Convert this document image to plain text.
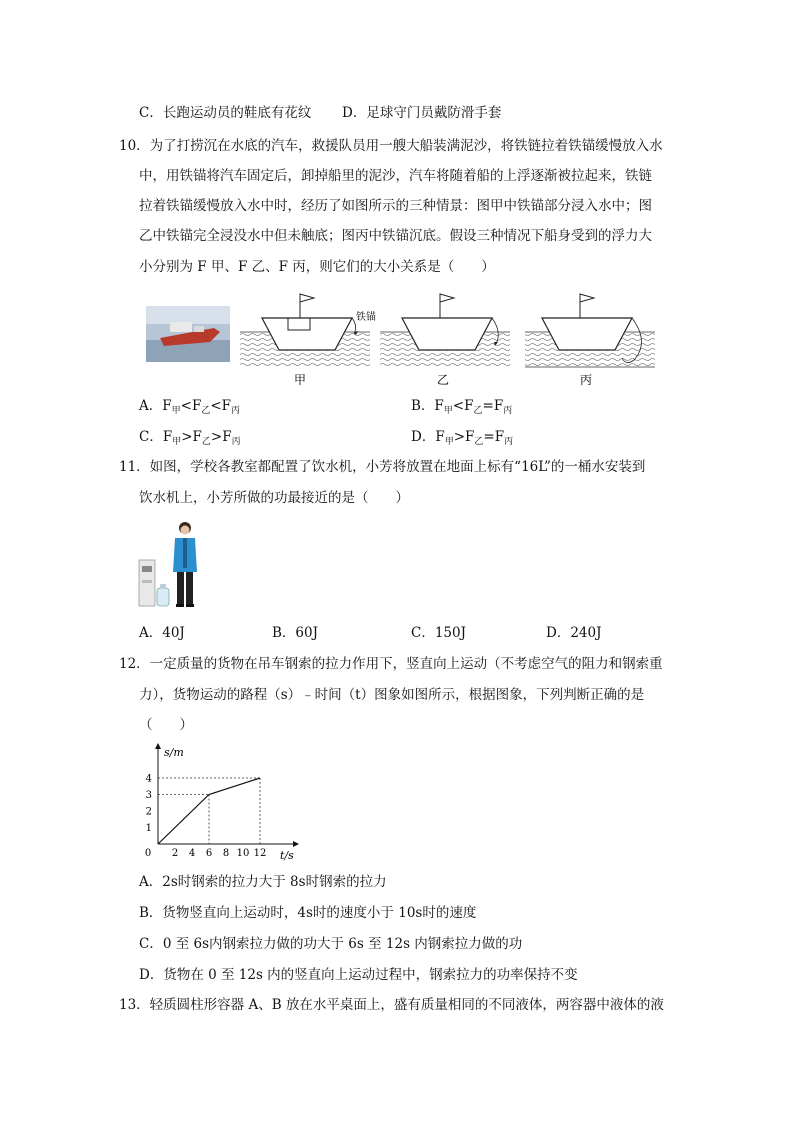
C．长跑运动员的鞋底有花纹 D．足球守门员戴防滑手套
10．为了打捞沉在水底的汽车，救援队员用一艘大船装满泥沙，将铁链拉着铁锚缓慢放入水
中，用铁锚将汽车固定后，卸掉船里的泥沙，汽车将随着船的上浮逐渐被拉起来，铁链
拉着铁锚缓慢放入水中时，经历了如图所示的三种情景：图甲中铁锚部分浸入水中；图
乙中铁锚完全浸没水中但未触底；图丙中铁锚沉底。假设三种情况下船身受到的浮力大
小分别为 F 甲、F 乙、F 丙，则它们的大小关系是（　　）
铁锚
甲	乙	丙
A．$F_甲<F_乙<F_丙$	B．$F_甲<F_乙=F_丙$
C．$F_甲>F_乙>F_丙$	D．$F_甲>F_乙=F_丙$
11．如图，学校各教室都配置了饮水机，小芳将放置在地面上标有“16L”的一桶水安装到
饮水机上，小芳所做的功最接近的是（　　）
A．40J	B．60J	C．150J	D．240J
12．一定质量的货物在吊车钢索的拉力作用下，竖直向上运动（不考虑空气的阻力和钢索重
力），货物运动的路程（s）﹣时间（t）图象如图所示，根据图象，下列判断正确的是
（　　）
s/m
t/s
0 2 4 6 8 10 12
1
2
3
4
A．2s时钢索的拉力大于 8s时钢索的拉力
B．货物竖直向上运动时，4s时的速度小于 10s时的速度
C．0 至 6s内钢索拉力做的功大于 6s 至 12s 内钢索拉力做的功
D．货物在 0 至 12s 内的竖直向上运动过程中，钢索拉力的功率保持不变
13．轻质圆柱形容器 A、B 放在水平桌面上，盛有质量相同的不同液体，两容器中液体的液
